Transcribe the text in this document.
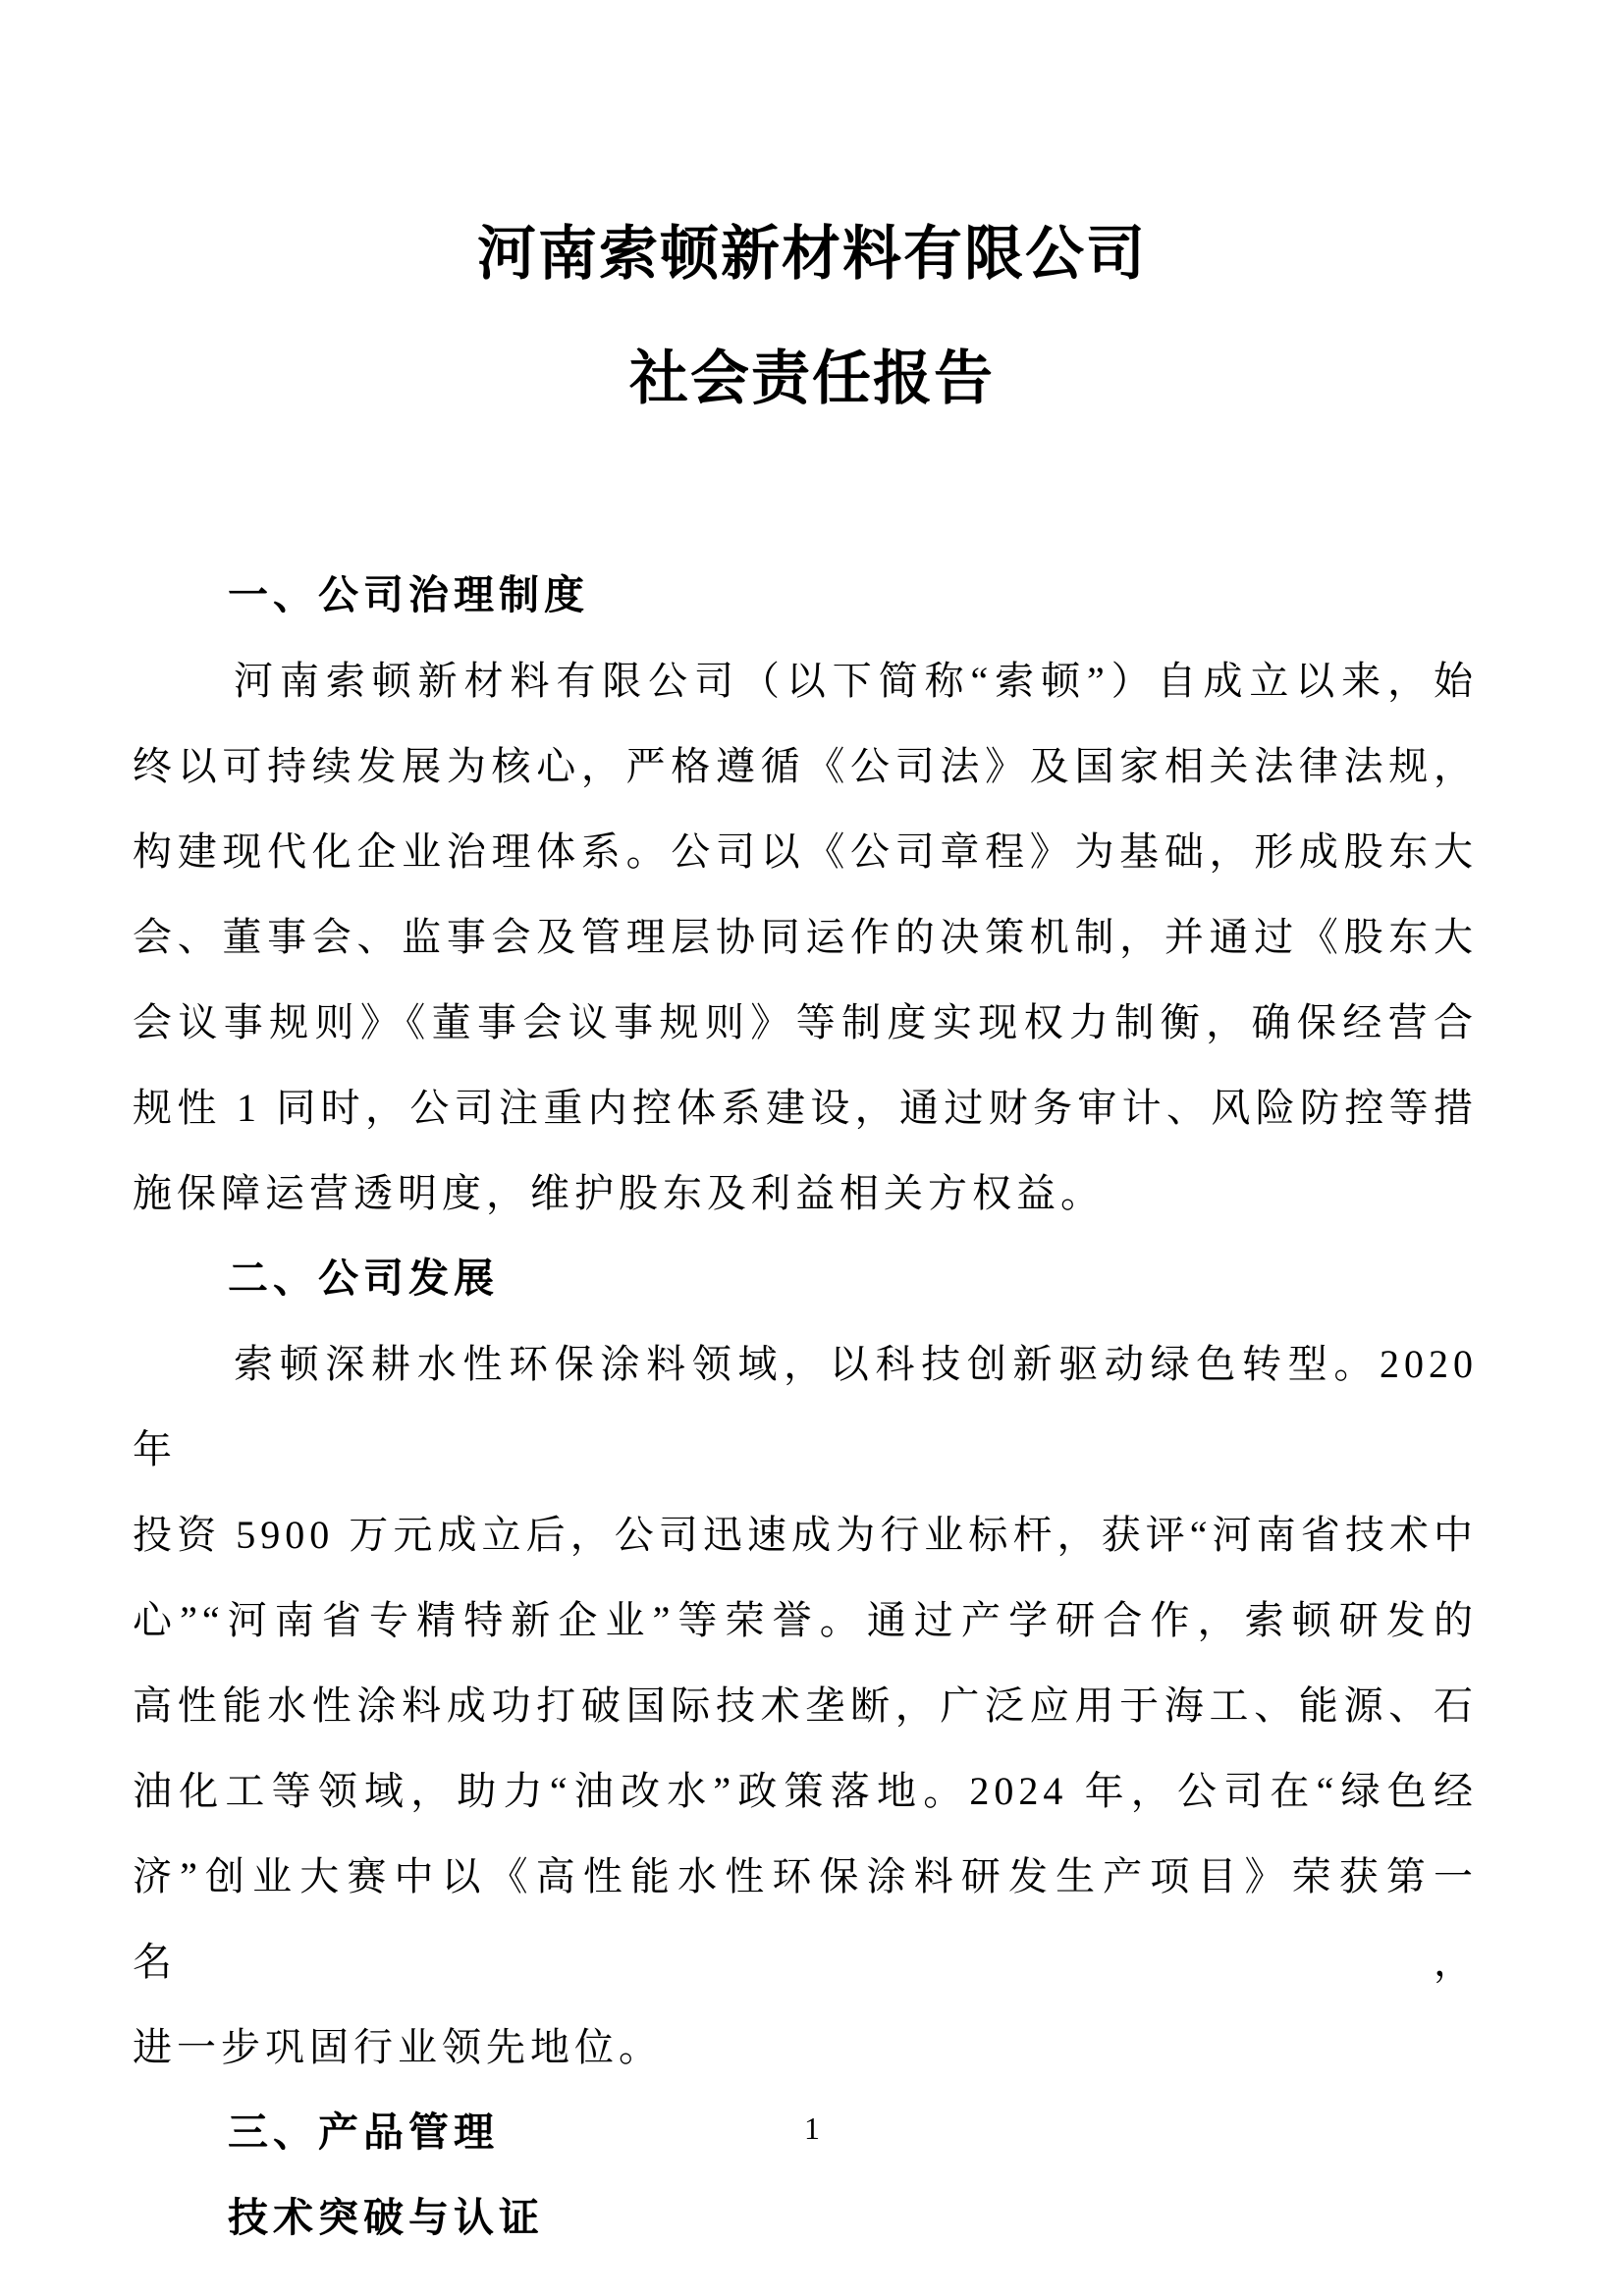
河南索顿新材料有限公司
社会责任报告
一、公司治理制度
河南索顿新材料有限公司（以下简称“索顿”）自成立以来，始
终以可持续发展为核心，严格遵循《公司法》及国家相关法律法规，
构建现代化企业治理体系。公司以《公司章程》为基础，形成股东大
会、董事会、监事会及管理层协同运作的决策机制，并通过《股东大
会议事规则》《董事会议事规则》等制度实现权力制衡，确保经营合
规性 1 同时，公司注重内控体系建设，通过财务审计、风险防控等措
施保障运营透明度，维护股东及利益相关方权益。
二、公司发展
索顿深耕水性环保涂料领域，以科技创新驱动绿色转型。2020 年
投资 5900 万元成立后，公司迅速成为行业标杆，获评“河南省技术中
心”“河南省专精特新企业”等荣誉。通过产学研合作，索顿研发的
高性能水性涂料成功打破国际技术垄断，广泛应用于海工、能源、石
油化工等领域，助力“油改水”政策落地。2024 年，公司在“绿色经
济”创业大赛中以《高性能水性环保涂料研发生产项目》荣获第一名，
进一步巩固行业领先地位。
三、产品管理
技术突破与认证
1
